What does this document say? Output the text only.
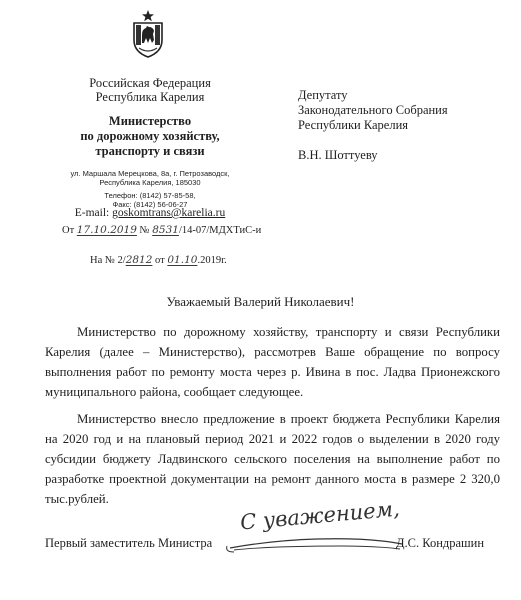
Российская Федерация
Республика Карелия
Министерство
по дорожному хозяйству,
транспорту и связи
ул. Маршала Мерецкова, 8а, г. Петрозаводск,
Республика Карелия, 185030
Телефон: (8142) 57-85-58,
Факс: (8142) 56-06-27
E-mail: goskomtrans@karelia.ru
От 17.10.2019 № 8531/14-07/МДХТиС-и
На № 2/2812 от 01.10.2019г.
Депутату
Законодательного Собрания
Республики Карелия
В.Н. Шоттуеву
Уважаемый Валерий Николаевич!
Министерство по дорожному хозяйству, транспорту и связи Республики Карелия (далее – Министерство), рассмотрев Ваше обращение по вопросу выполнения работ по ремонту моста через р. Ивина в пос. Ладва Прионежского муниципального района, сообщает следующее.
Министерство внесло предложение в проект бюджета Республики Карелия на 2020 год и на плановый период 2021 и 2022 годов о выделении в 2020 году субсидии бюджету Ладвинского сельского поселения на выполнение работ по разработке проектной документации на ремонт данного моста в размере 2 320,0 тыс.рублей.	С уважением,
Первый заместитель Министра	Д.С. Кондрашин
